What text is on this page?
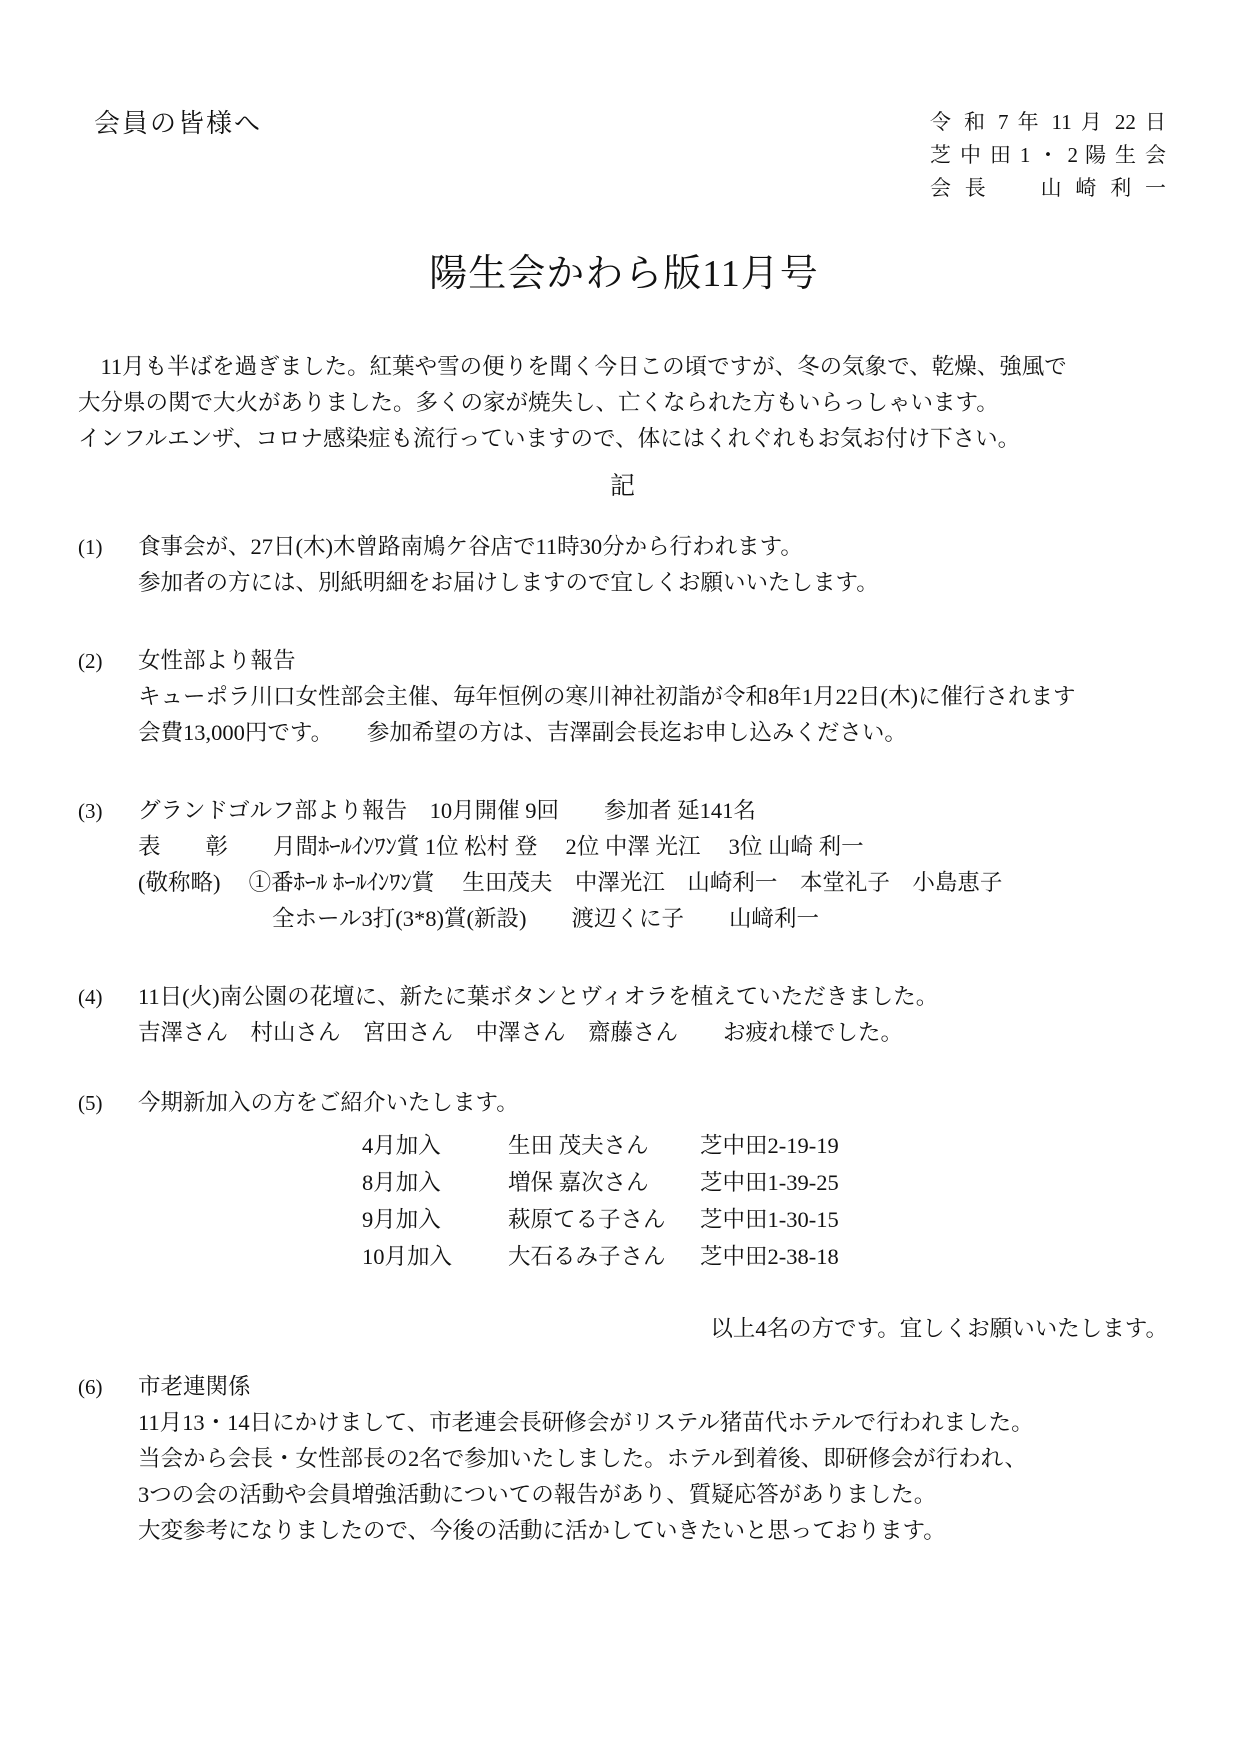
会員の皆様へ	令 和 7 年 11 月 22 日
芝 中 田 1 ・ 2 陽 生 会
会 長　　山 崎 利 一
陽生会かわら版11月号
　11月も半ばを過ぎました。紅葉や雪の便りを聞く今日この頃ですが、冬の気象で、乾燥、強風で
大分県の関で大火がありました。多くの家が焼失し、亡くなられた方もいらっしゃいます。
インフルエンザ、コロナ感染症も流行っていますので、体にはくれぐれもお気お付け下さい。
記
(1)	食事会が、27日(木)木曾路南鳩ケ谷店で11時30分から行われます。
参加者の方には、別紙明細をお届けしますので宜しくお願いいたします。
(2)	女性部より報告
キューポラ川口女性部会主催、毎年恒例の寒川神社初詣が令和8年1月22日(木)に催行されます
会費13,000円です。　　参加希望の方は、吉澤副会長迄お申し込みください。
(3)	グランドゴルフ部より報告　10月開催 9回　　参加者 延141名
表　　彰　　月間ﾎｰﾙｲﾝﾜﾝ賞 1位 松村 登　 2位 中澤 光江　 3位 山崎 利一
(敬称略)　 ①番ﾎｰﾙ ﾎｰﾙｲﾝﾜﾝ賞　 生田茂夫　中澤光江　山崎利一　本堂礼子　小島恵子
全ホール3打(3*8)賞(新設)　　渡辺くに子　　山﨑利一
(4)	11日(火)南公園の花壇に、新たに葉ボタンとヴィオラを植えていただきました。
吉澤さん　村山さん　宮田さん　中澤さん　齋藤さん　　お疲れ様でした。
(5)	今期新加入の方をご紹介いたします。
4月加入	生田 茂夫さん	芝中田2-19-19
8月加入	増保 嘉次さん	芝中田1-39-25
9月加入	萩原てる子さん	芝中田1-30-15
10月加入	大石るみ子さん	芝中田2-38-18
以上4名の方です。宜しくお願いいたします。
(6)	市老連関係
11月13・14日にかけまして、市老連会長研修会がリステル猪苗代ホテルで行われました。
当会から会長・女性部長の2名で参加いたしました。ホテル到着後、即研修会が行われ、
3つの会の活動や会員増強活動についての報告があり、質疑応答がありました。
大変参考になりましたので、今後の活動に活かしていきたいと思っております。
